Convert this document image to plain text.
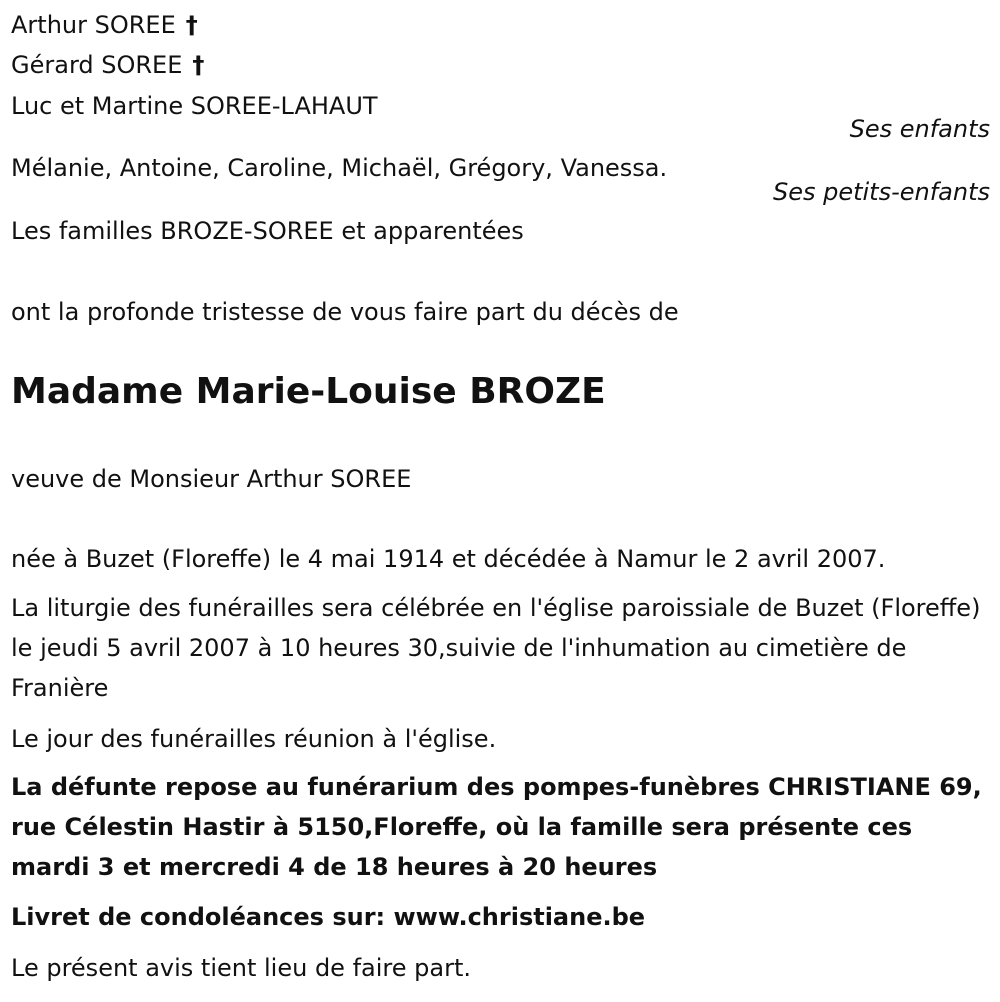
Arthur SOREE †
Gérard SOREE †
Luc et Martine SOREE-LAHAUT
Ses enfants
Mélanie, Antoine, Caroline, Michaël, Grégory, Vanessa.
Ses petits-enfants
Les familles BROZE-SOREE et apparentées
ont la profonde tristesse de vous faire part du décès de
Madame Marie-Louise BROZE
veuve de Monsieur Arthur SOREE
née à Buzet (Floreffe) le 4 mai 1914 et décédée à Namur le 2 avril 2007.
La liturgie des funérailles sera célébrée en l'église paroissiale de Buzet (Floreffe) le jeudi 5 avril 2007 à 10 heures 30,suivie de l'inhumation au cimetière de Franière
Le jour des funérailles réunion à l'église.
La défunte repose au funérarium des pompes-funèbres CHRISTIANE 69, rue Célestin Hastir à 5150,Floreffe, où la famille sera présente ces mardi 3 et mercredi 4 de 18 heures à 20 heures
Livret de condoléances sur: www.christiane.be
Le présent avis tient lieu de faire part.
